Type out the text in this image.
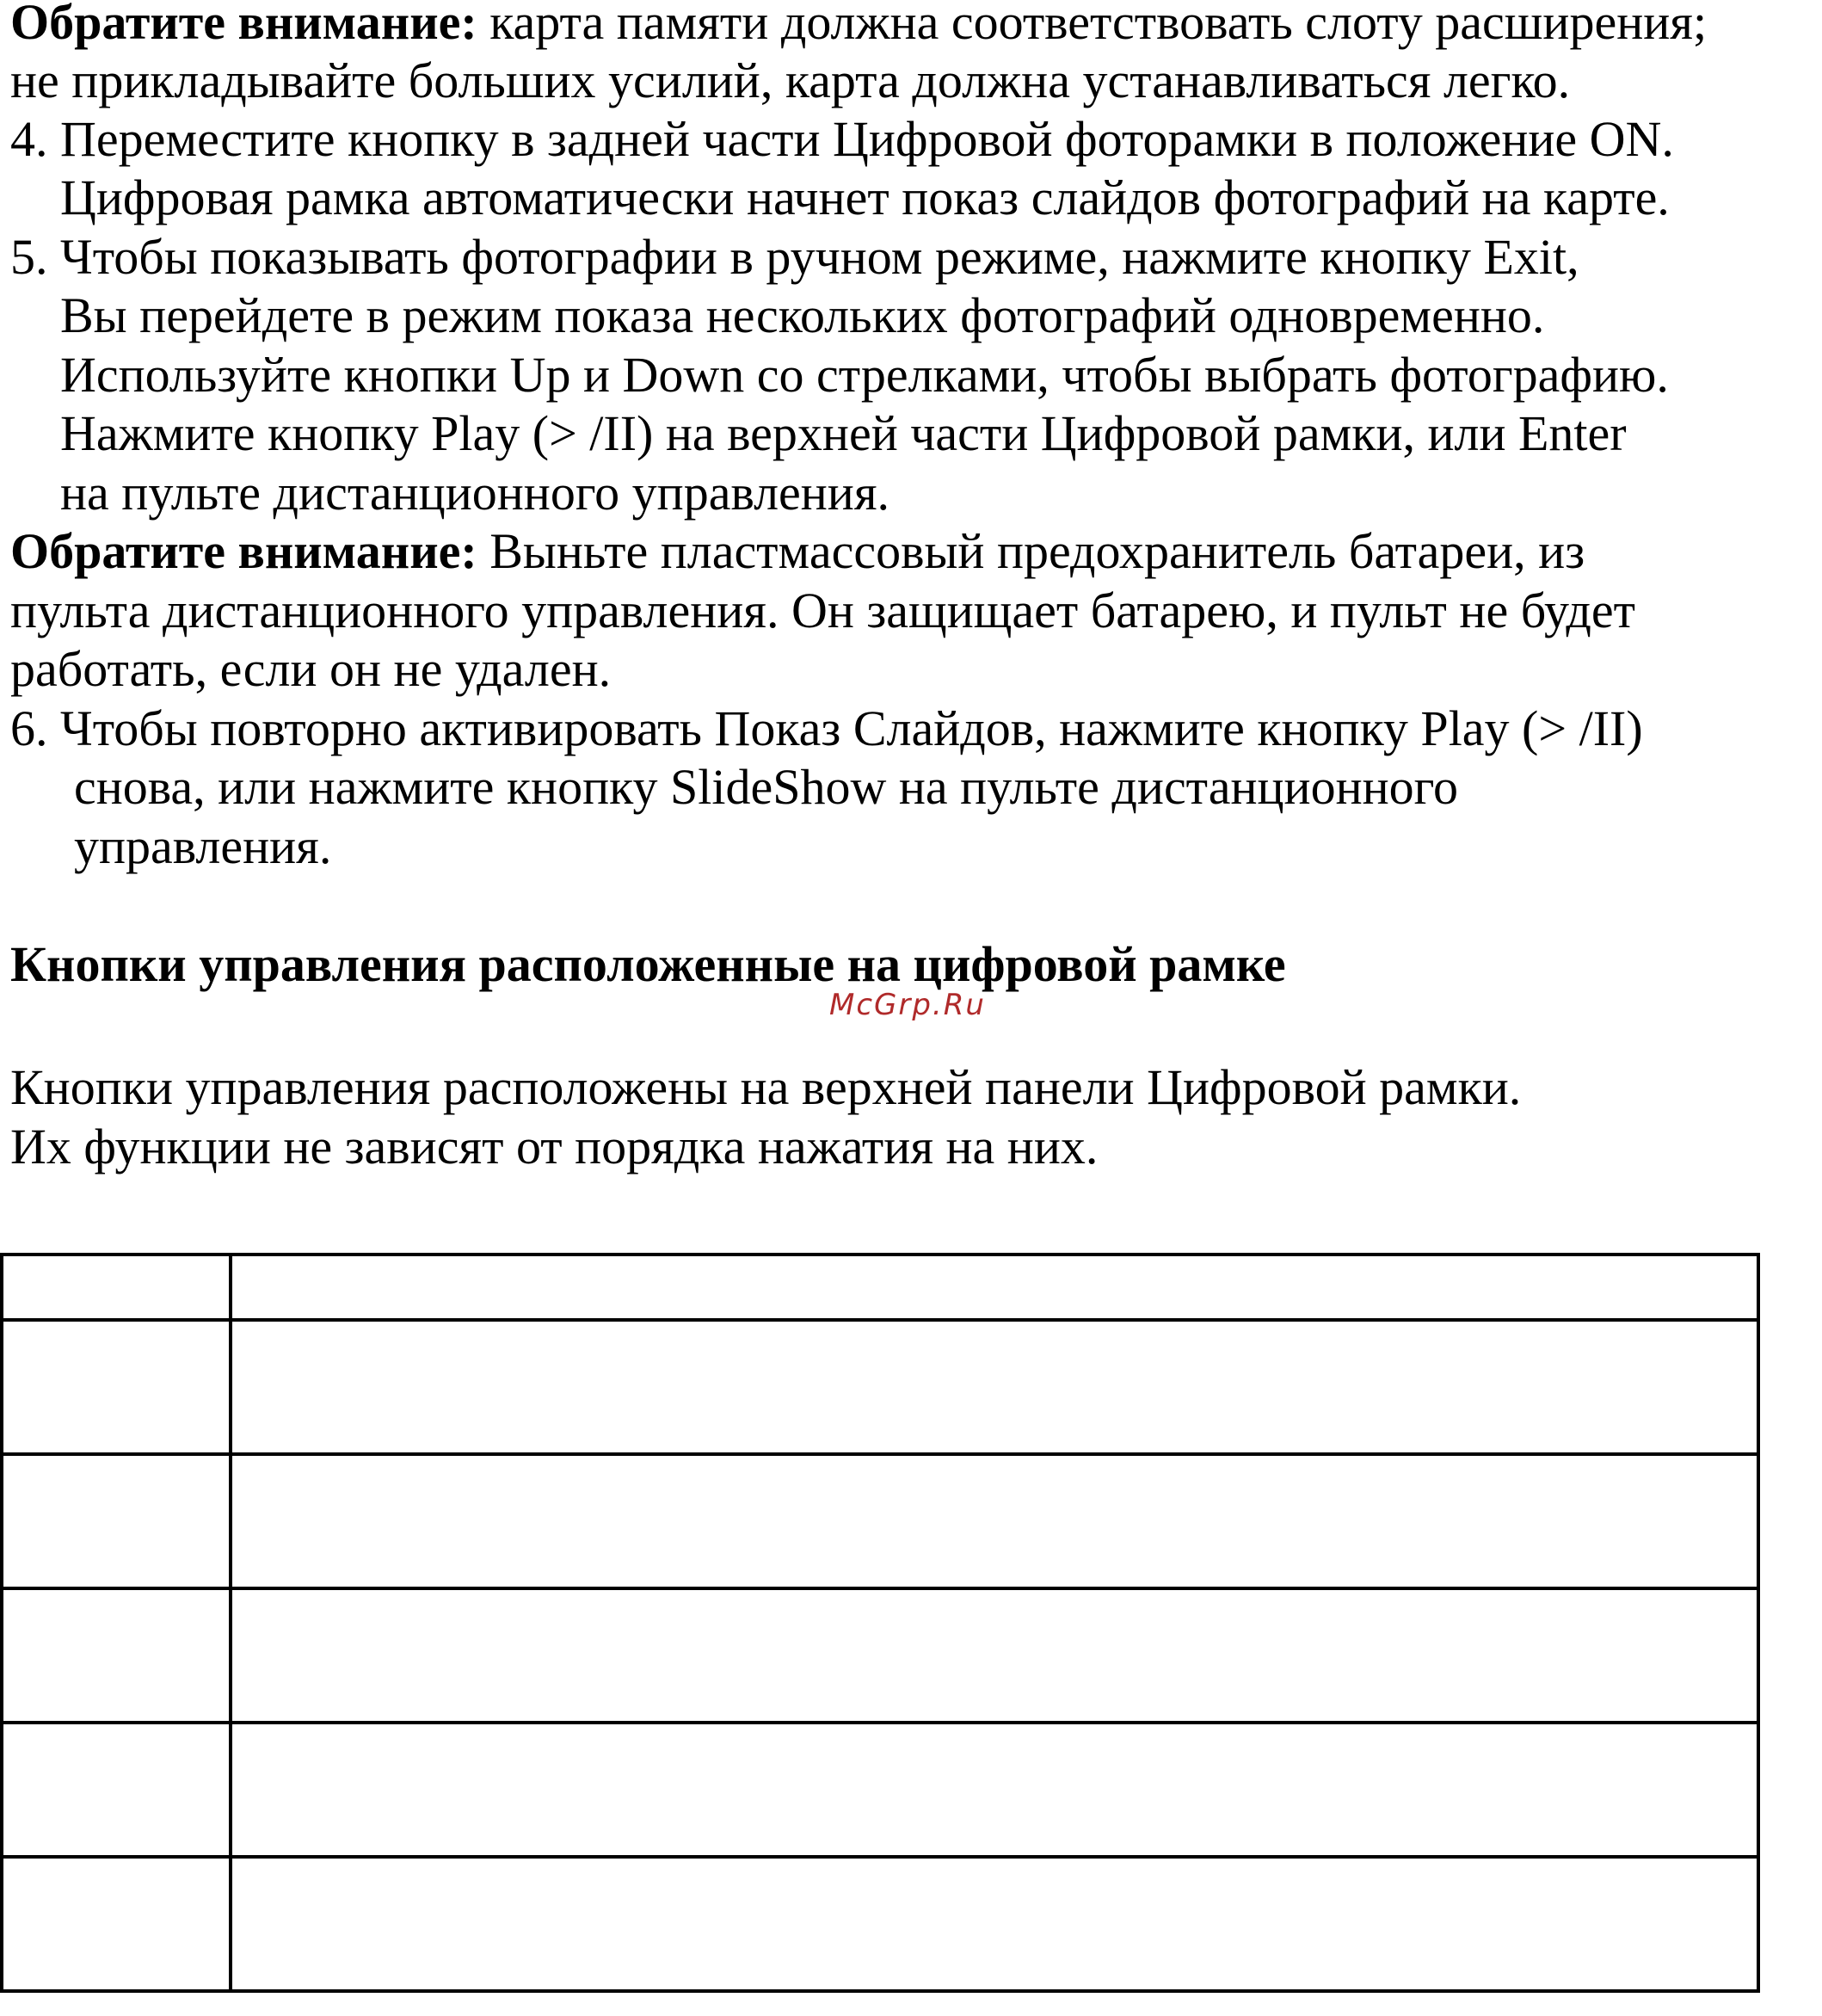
Обратите внимание: карта памяти должна соответствовать слоту расширения;
не прикладывайте больших усилий, карта должна устанавливаться легко.
4. Переместите кнопку в задней части Цифровой фоторамки в положение ON.
Цифровая рамка автоматически начнет показ слайдов фотографий на карте.
5. Чтобы показывать фотографии в ручном режиме, нажмите кнопку Exit,
Вы перейдете в режим показа нескольких фотографий одновременно.
Используйте кнопки Up и Down со стрелками, чтобы выбрать фотографию.
Нажмите кнопку Play (> /II) на верхней части Цифровой рамки, или Enter
на пульте дистанционного управления.
Обратите внимание: Выньте пластмассовый предохранитель батареи, из
пульта дистанционного управления. Он защищает батарею, и пульт не будет
работать, если он не удален.
6. Чтобы повторно активировать Показ Слайдов, нажмите кнопку Play (> /II)
снова, или нажмите кнопку SlideShow на пульте дистанционного
управления.
Кнопки управления расположенные на цифровой рамке
McGrp.Ru
Кнопки управления расположены на верхней панели Цифровой рамки.
Их функции не зависят от порядка нажатия на них.
